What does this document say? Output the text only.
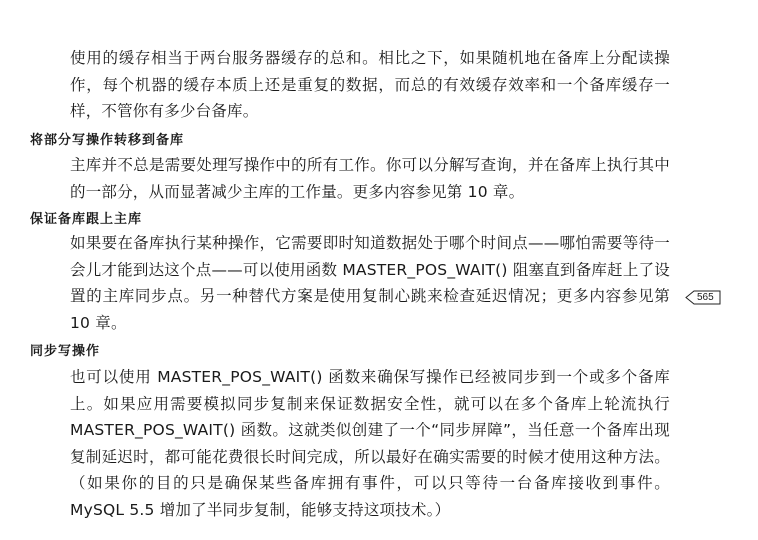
使用的缓存相当于两台服务器缓存的总和。相比之下，如果随机地在备库上分配读操作，每个机器的缓存本质上还是重复的数据，而总的有效缓存效率和一个备库缓存一样，不管你有多少台备库。

将部分写操作转移到备库

主库并不总是需要处理写操作中的所有工作。你可以分解写查询，并在备库上执行其中的一部分，从而显著减少主库的工作量。更多内容参见第 10 章。

保证备库跟上主库

如果要在备库执行某种操作，它需要即时知道数据处于哪个时间点——哪怕需要等待一会儿才能到达这个点——可以使用函数 MASTER_POS_WAIT() 阻塞直到备库赶上了设置的主库同步点。另一种替代方案是使用复制心跳来检查延迟情况；更多内容参见第 10 章。

同步写操作

也可以使用 MASTER_POS_WAIT() 函数来确保写操作已经被同步到一个或多个备库上。如果应用需要模拟同步复制来保证数据安全性，就可以在多个备库上轮流执行 MASTER_POS_WAIT() 函数。这就类似创建了一个“同步屏障”，当任意一个备库出现复制延迟时，都可能花费很长时间完成，所以最好在确实需要的时候才使用这种方法。（如果你的目的只是确保某些备库拥有事件，可以只等待一台备库接收到事件。MySQL 5.5 增加了半同步复制，能够支持这项技术。）

565
